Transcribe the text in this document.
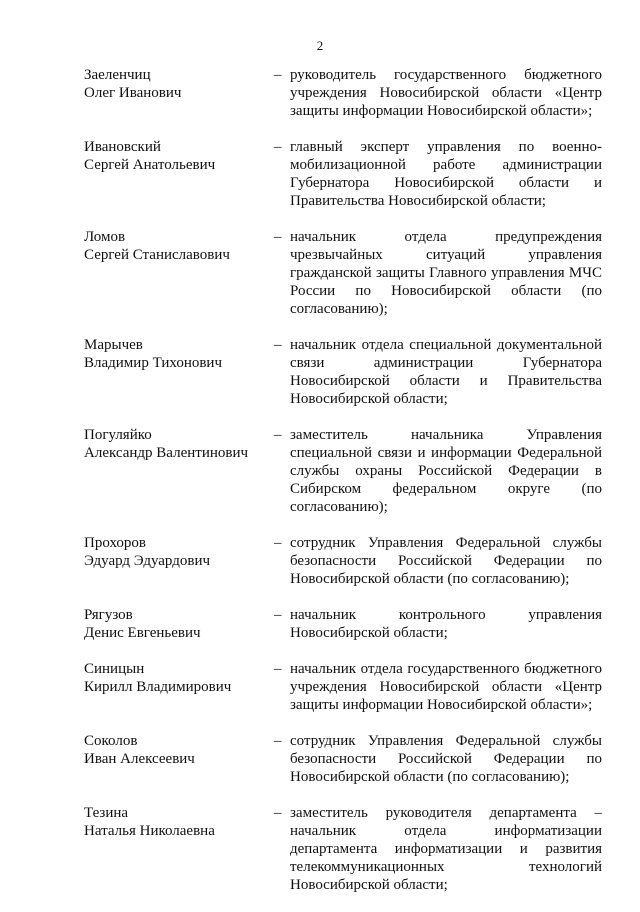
2
Заеленчиц
Олег Иванович
– руководитель государственного бюджетного учреждения Новосибирской области «Центр защиты информации Новосибирской области»;
Ивановский
Сергей Анатольевич
– главный эксперт управления по военно-мобилизационной работе администрации Губернатора Новосибирской области и Правительства Новосибирской области;
Ломов
Сергей Станиславович
– начальник отдела предупреждения чрезвычайных ситуаций управления гражданской защиты Главного управления МЧС России по Новосибирской области (по согласованию);
Марычев
Владимир Тихонович
– начальник отдела специальной документальной связи администрации Губернатора Новосибирской области и Правительства Новосибирской области;
Погуляйко
Александр Валентинович
– заместитель начальника Управления специальной связи и информации Федеральной службы охраны Российской Федерации в Сибирском федеральном округе (по согласованию);
Прохоров
Эдуард Эдуардович
– сотрудник Управления Федеральной службы безопасности Российской Федерации по Новосибирской области (по согласованию);
Рягузов
Денис Евгеньевич
– начальник контрольного управления Новосибирской области;
Синицын
Кирилл Владимирович
– начальник отдела государственного бюджетного учреждения Новосибирской области «Центр защиты информации Новосибирской области»;
Соколов
Иван Алексеевич
– сотрудник Управления Федеральной службы безопасности Российской Федерации по Новосибирской области (по согласованию);
Тезина
Наталья Николаевна
– заместитель руководителя департамента – начальник отдела информатизации департамента информатизации и развития телекоммуникационных технологий Новосибирской области;
